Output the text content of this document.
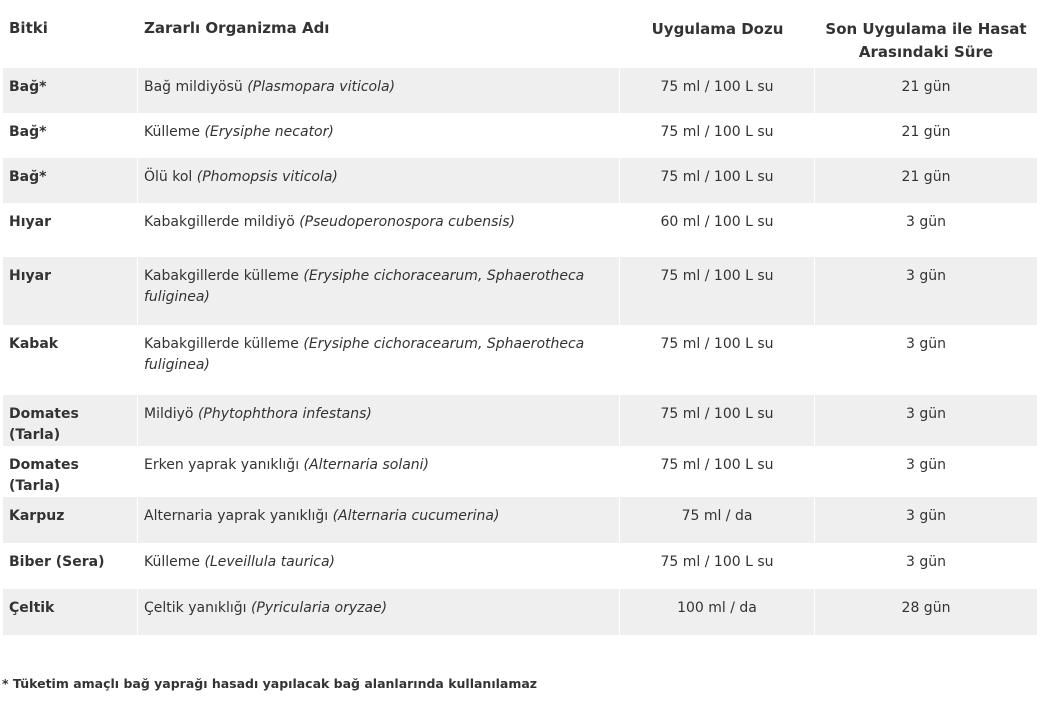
Bitki	Zararlı Organizma Adı	Uygulama Dozu	Son Uygulama ile Hasat
Arasındaki Süre
Bağ*	Bağ mildiyösü (Plasmopara viticola)	75 ml / 100 L su	21 gün
Bağ*	Külleme (Erysiphe necator)	75 ml / 100 L su	21 gün
Bağ*	Ölü kol (Phomopsis viticola)	75 ml / 100 L su	21 gün
Hıyar	Kabakgillerde mildiyö (Pseudoperonospora cubensis)	60 ml / 100 L su	3 gün
Hıyar	Kabakgillerde külleme (Erysiphe cichoracearum, Sphaerotheca fuliginea)	75 ml / 100 L su	3 gün
Kabak	Kabakgillerde külleme (Erysiphe cichoracearum, Sphaerotheca fuliginea)	75 ml / 100 L su	3 gün
Domates (Tarla)	Mildiyö (Phytophthora infestans)	75 ml / 100 L su	3 gün
Domates (Tarla)	Erken yaprak yanıklığı (Alternaria solani)	75 ml / 100 L su	3 gün
Karpuz	Alternaria yaprak yanıklığı (Alternaria cucumerina)	75 ml / da	3 gün
Biber (Sera)	Külleme (Leveillula taurica)	75 ml / 100 L su	3 gün
Çeltik	Çeltik yanıklığı (Pyricularia oryzae)	100 ml / da	28 gün
* Tüketim amaçlı bağ yaprağı hasadı yapılacak bağ alanlarında kullanılamaz
